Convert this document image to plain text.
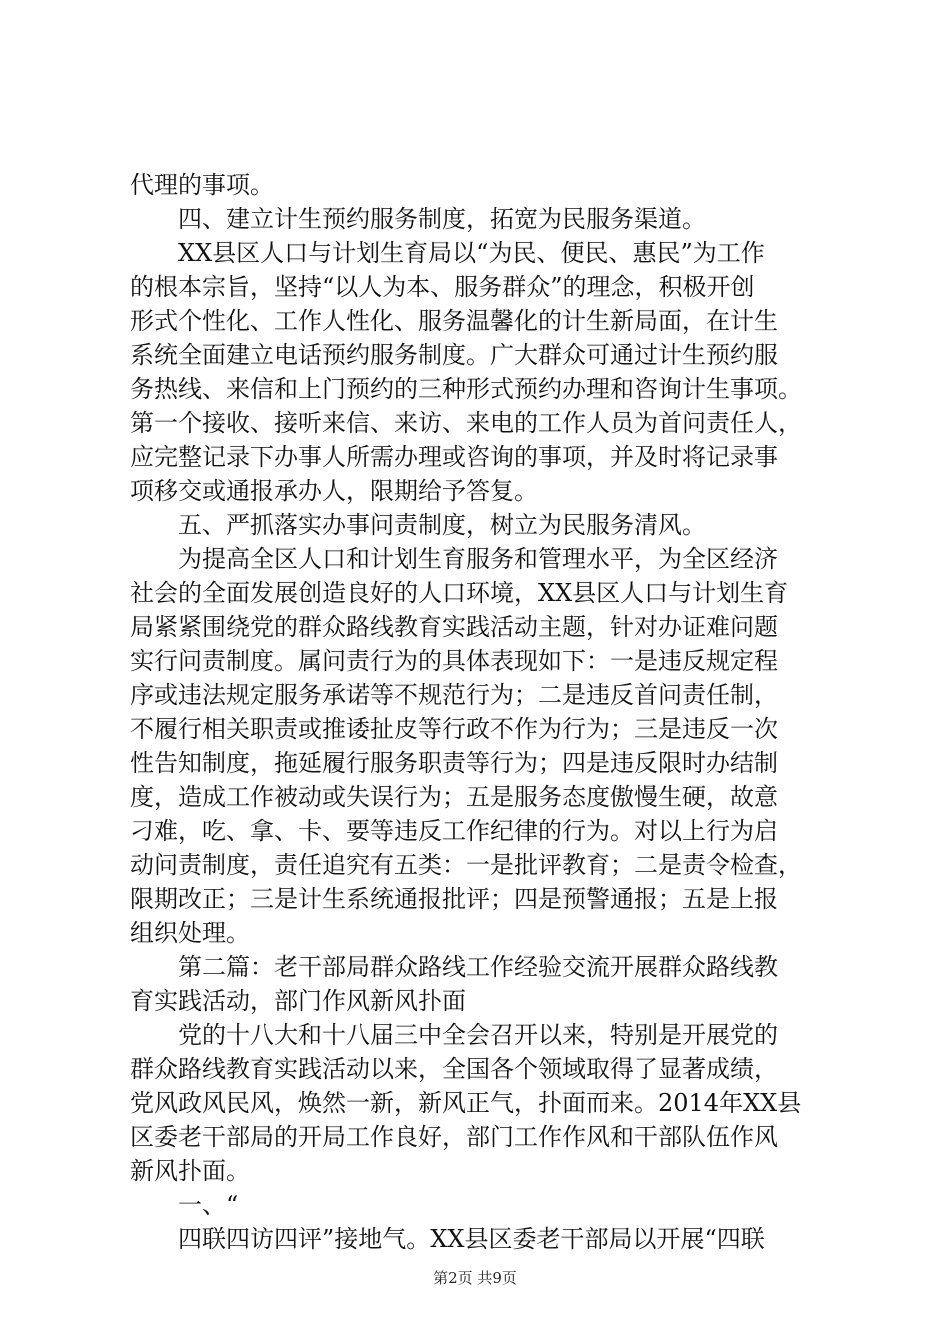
代理的事项。
　　四、建立计生预约服务制度，拓宽为民服务渠道。
　　XX县区人口与计划生育局以“为民、便民、惠民”为工作
的根本宗旨，坚持“以人为本、服务群众”的理念，积极开创
形式个性化、工作人性化、服务温馨化的计生新局面，在计生
系统全面建立电话预约服务制度。广大群众可通过计生预约服
务热线、来信和上门预约的三种形式预约办理和咨询计生事项。
第一个接收、接听来信、来访、来电的工作人员为首问责任人，
应完整记录下办事人所需办理或咨询的事项，并及时将记录事
项移交或通报承办人，限期给予答复。
　　五、严抓落实办事问责制度，树立为民服务清风。
　　为提高全区人口和计划生育服务和管理水平，为全区经济
社会的全面发展创造良好的人口环境，XX县区人口与计划生育
局紧紧围绕党的群众路线教育实践活动主题，针对办证难问题
实行问责制度。属问责行为的具体表现如下：一是违反规定程
序或违法规定服务承诺等不规范行为；二是违反首问责任制，
不履行相关职责或推诿扯皮等行政不作为行为；三是违反一次
性告知制度，拖延履行服务职责等行为；四是违反限时办结制
度，造成工作被动或失误行为；五是服务态度傲慢生硬，故意
刁难，吃、拿、卡、要等违反工作纪律的行为。对以上行为启
动问责制度，责任追究有五类：一是批评教育；二是责令检查，
限期改正；三是计生系统通报批评；四是预警通报；五是上报
组织处理。
　　第二篇：老干部局群众路线工作经验交流开展群众路线教
育实践活动，部门作风新风扑面
　　党的十八大和十八届三中全会召开以来，特别是开展党的
群众路线教育实践活动以来，全国各个领域取得了显著成绩，
党风政风民风，焕然一新，新风正气，扑面而来。2014年XX县
区委老干部局的开局工作良好，部门工作作风和干部队伍作风
新风扑面。
　　一、“
　　四联四访四评”接地气。XX县区委老干部局以开展“四联
第2页 共9页
